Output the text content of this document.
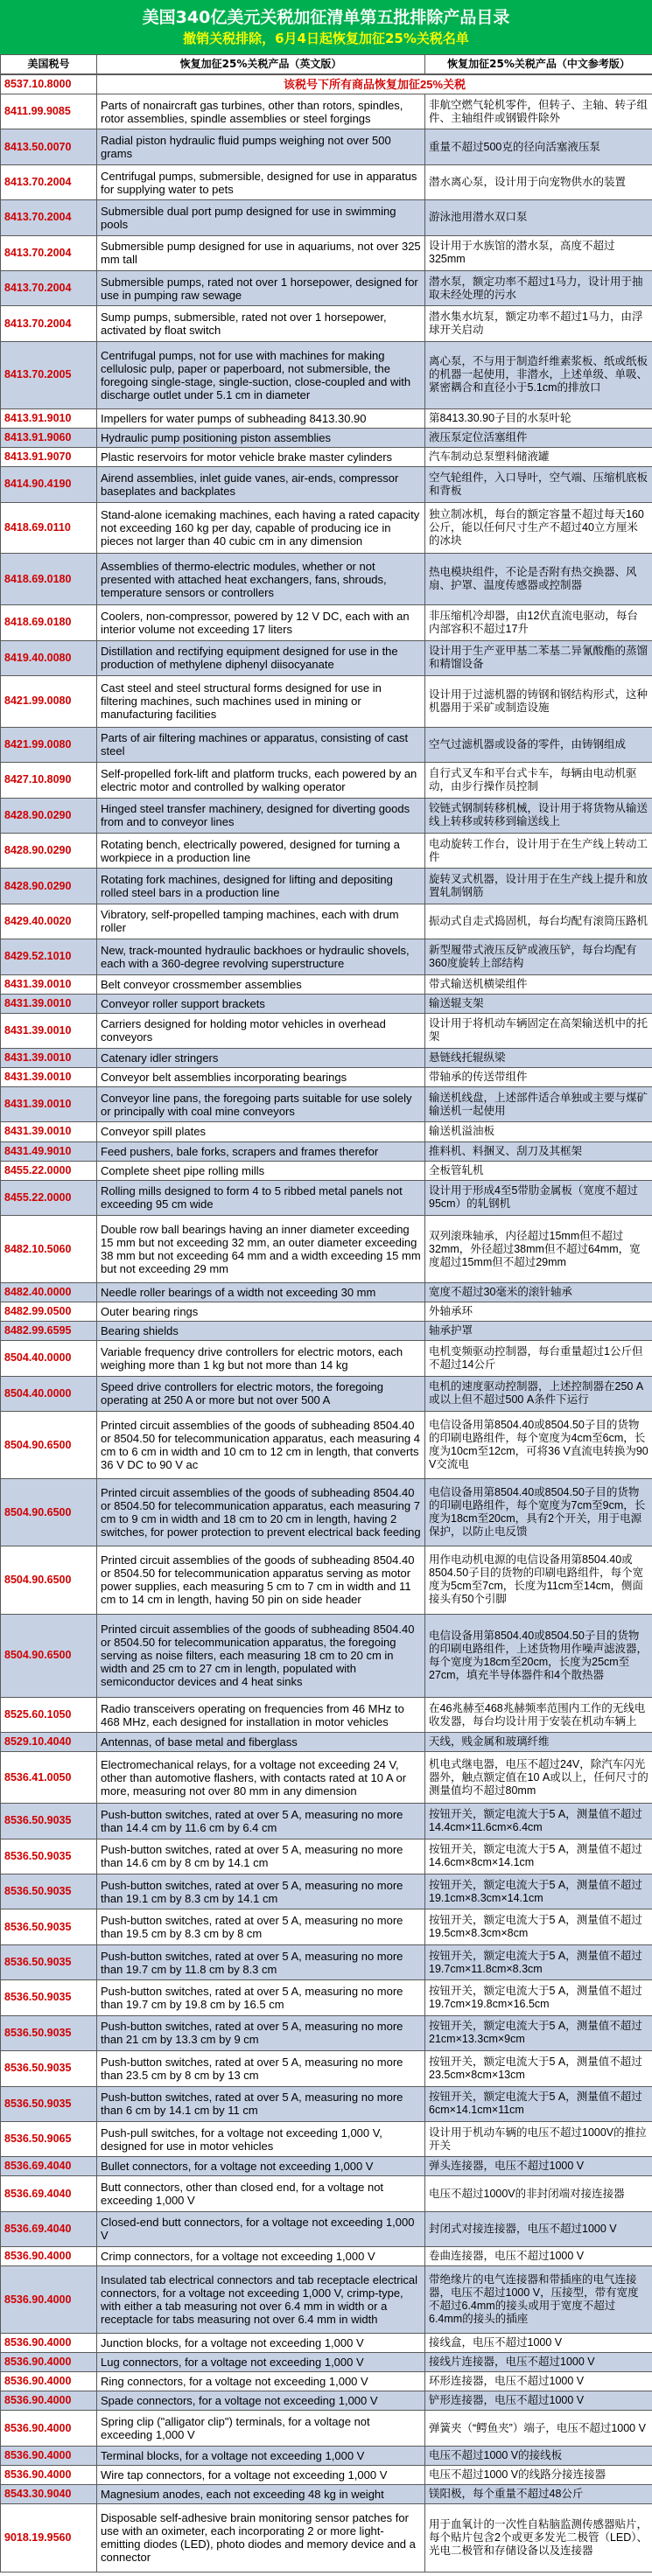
美国340亿美元关税加征清单第五批排除产品目录
撤销关税排除，6月4日起恢复加征25%关税名单
美国税号	恢复加征25%关税产品（英文版）	恢复加征25%关税产品（中文参考版）
8537.10.8000	该税号下所有商品恢复加征25%关税	
8411.99.9085	Parts of nonaircraft gas turbines, other than rotors, spindles, rotor assemblies, spindle assemblies or steel forgings	非航空燃气轮机零件，但转子、主轴、转子组件、主轴组件或钢锻件除外
8413.50.0070	Radial piston hydraulic fluid pumps weighing not over 500 grams	重量不超过500克的径向活塞液压泵
8413.70.2004	Centrifugal pumps, submersible, designed for use in apparatus for supplying water to pets	潜水离心泵，设计用于向宠物供水的装置
8413.70.2004	Submersible dual port pump designed for use in swimming pools	游泳池用潜水双口泵
8413.70.2004	Submersible pump designed for use in aquariums, not over 325 mm tall	设计用于水族馆的潜水泵，高度不超过325mm
8413.70.2004	Submersible pumps, rated not over 1 horsepower, designed for use in pumping raw sewage	潜水泵，额定功率不超过1马力，设计用于抽取未经处理的污水
8413.70.2004	Sump pumps, submersible, rated not over 1 horsepower, activated by float switch	潜水集水坑泵，额定功率不超过1马力，由浮球开关启动
8413.70.2005	Centrifugal pumps, not for use with machines for making cellulosic pulp, paper or paperboard, not submersible, the foregoing single-stage, single-suction, close-coupled and with discharge outlet under 5.1 cm in diameter	离心泵，不与用于制造纤维素浆板、纸或纸板的机器一起使用，非潜水，上述单级、单吸、紧密耦合和直径小于5.1cm的排放口
8413.91.9010	Impellers for water pumps of subheading 8413.30.90	第8413.30.90子目的水泵叶轮
8413.91.9060	Hydraulic pump positioning piston assemblies	液压泵定位活塞组件
8413.91.9070	Plastic reservoirs for motor vehicle brake master cylinders	汽车制动总泵塑料储液罐
8414.90.4190	Airend assemblies, inlet guide vanes, air-ends, compressor baseplates and backplates	空气轮组件，入口导叶，空气端、压缩机底板和背板
8418.69.0110	Stand-alone icemaking machines, each having a rated capacity not exceeding 160 kg per day, capable of producing ice in pieces not larger than 40 cubic cm in any dimension	独立制冰机，每台的额定容量不超过每天160公斤，能以任何尺寸生产不超过40立方厘米的冰块
8418.69.0180	Assemblies of thermo-electric modules, whether or not presented with attached heat exchangers, fans, shrouds, temperature sensors or controllers	热电模块组件，不论是否附有热交换器、风扇、护罩、温度传感器或控制器
8418.69.0180	Coolers, non-compressor, powered by 12 V DC, each with an interior volume not exceeding 17 liters	非压缩机冷却器，由12伏直流电驱动，每台内部容积不超过17升
8419.40.0080	Distillation and rectifying equipment designed for use in the production of methylene diphenyl diisocyanate	设计用于生产亚甲基二苯基二异氰酸酯的蒸馏和精馏设备
8421.99.0080	Cast steel and steel structural forms designed for use in filtering machines, such machines used in mining or manufacturing facilities	设计用于过滤机器的铸钢和钢结构形式，这种机器用于采矿或制造设施
8421.99.0080	Parts of air filtering machines or apparatus, consisting of cast steel	空气过滤机器或设备的零件，由铸钢组成
8427.10.8090	Self-propelled fork-lift and platform trucks, each powered by an electric motor and controlled by walking operator	自行式叉车和平台式卡车，每辆由电动机驱动，由步行操作员控制
8428.90.0290	Hinged steel transfer machinery, designed for diverting goods from and to conveyor lines	铰链式钢制转移机械，设计用于将货物从输送线上转移或转移到输送线上
8428.90.0290	Rotating bench, electrically powered, designed for turning a workpiece in a production line	电动旋转工作台，设计用于在生产线上转动工件
8428.90.0290	Rotating fork machines, designed for lifting and depositing rolled steel bars in a production line	旋转叉式机器，设计用于在生产线上提升和放置轧制钢筋
8429.40.0020	Vibratory, self-propelled tamping machines, each with drum roller	振动式自走式捣固机，每台均配有滚筒压路机
8429.52.1010	New, track-mounted hydraulic backhoes or hydraulic shovels, each with a 360-degree revolving superstructure	新型履带式液压反铲或液压铲，每台均配有360度旋转上部结构
8431.39.0010	Belt conveyor crossmember assemblies	带式输送机横梁组件
8431.39.0010	Conveyor roller support brackets	输送辊支架
8431.39.0010	Carriers designed for holding motor vehicles in overhead conveyors	设计用于将机动车辆固定在高架输送机中的托架
8431.39.0010	Catenary idler stringers	悬链线托辊纵梁
8431.39.0010	Conveyor belt assemblies incorporating bearings	带轴承的传送带组件
8431.39.0010	Conveyor line pans, the foregoing parts suitable for use solely or principally with coal mine conveyors	输送机线盘，上述部件适合单独或主要与煤矿输送机一起使用
8431.39.0010	Conveyor spill plates	输送机溢油板
8431.49.9010	Feed pushers, bale forks, scrapers and frames therefor	推料机、料捆叉、刮刀及其框架
8455.22.0000	Complete sheet pipe rolling mills	全板管轧机
8455.22.0000	Rolling mills designed to form 4 to 5 ribbed metal panels not exceeding 95 cm wide	设计用于形成4至5带肋金属板（宽度不超过95cm）的轧钢机
8482.10.5060	Double row ball bearings having an inner diameter exceeding 15 mm but not exceeding 32 mm, an outer diameter exceeding 38 mm but not exceeding 64 mm and a width exceeding 15 mm but not exceeding 29 mm	双列滚珠轴承，内径超过15mm但不超过32mm，外径超过38mm但不超过64mm，宽度超过15mm但不超过29mm
8482.40.0000	Needle roller bearings of a width not exceeding 30 mm	宽度不超过30毫米的滚针轴承
8482.99.0500	Outer bearing rings	外轴承环
8482.99.6595	Bearing shields	轴承护罩
8504.40.0000	Variable frequency drive controllers for electric motors, each weighing more than 1 kg but not more than 14 kg	电机变频驱动控制器，每台重量超过1公斤但不超过14公斤
8504.40.0000	Speed drive controllers for electric motors, the foregoing operating at 250 A or more but not over 500 A	电机的速度驱动控制器，上述控制器在250 A或以上但不超过500 A条件下运行
8504.90.6500	Printed circuit assemblies of the goods of subheading 8504.40 or 8504.50 for telecommunication apparatus, each measuring 4 cm to 6 cm in width and 10 cm to 12 cm in length, that converts 36 V DC to 90 V ac	电信设备用第8504.40或8504.50子目的货物的印刷电路组件，每个宽度为4cm至6cm，长度为10cm至12cm，可将36 V直流电转换为90 V交流电
8504.90.6500	Printed circuit assemblies of the goods of subheading 8504.40 or 8504.50 for telecommunication apparatus, each measuring 7 cm to 9 cm in width and 18 cm to 20 cm in length, having 2 switches, for power protection to prevent electrical back feeding	电信设备用第8504.40或8504.50子目的货物的印刷电路组件，每个宽度为7cm至9cm，长度为18cm至20cm，具有2个开关，用于电源保护，以防止电反馈
8504.90.6500	Printed circuit assemblies of the goods of subheading 8504.40 or 8504.50 for telecommunication apparatus serving as motor power supplies, each measuring 5 cm to 7 cm in width and 11 cm to 14 cm in length, having 50 pin on side header	用作电动机电源的电信设备用第8504.40或8504.50子目的货物的印刷电路组件，每个宽度为5cm至7cm，长度为11cm至14cm，侧面接头有50个引脚
8504.90.6500	Printed circuit assemblies of the goods of subheading 8504.40 or 8504.50 for telecommunication apparatus, the foregoing serving as noise filters, each measuring 18 cm to 20 cm in width and 25 cm to 27 cm in length, populated with semiconductor devices and 4 heat sinks	电信设备用第8504.40或8504.50子目的货物的印刷电路组件，上述货物用作噪声滤波器，每个宽度为18cm至20cm，长度为25cm至27cm，填充半导体器件和4个散热器
8525.60.1050	Radio transceivers operating on frequencies from 46 MHz to 468 MHz, each designed for installation in motor vehicles	在46兆赫至468兆赫频率范围内工作的无线电收发器，每台均设计用于安装在机动车辆上
8529.10.4040	Antennas, of base metal and fiberglass	天线，贱金属和玻璃纤维
8536.41.0050	Electromechanical relays, for a voltage not exceeding 24 V, other than automotive flashers, with contacts rated at 10 A or more, measuring not over 80 mm in any dimension	机电式继电器，电压不超过24V，除汽车闪光器外，触点额定值在10 A或以上，任何尺寸的测量值均不超过80mm
8536.50.9035	Push-button switches, rated at over 5 A, measuring no more than 14.4 cm by 11.6 cm by 6.4 cm	按钮开关，额定电流大于5 A，测量值不超过14.4cm×11.6cm×6.4cm
8536.50.9035	Push-button switches, rated at over 5 A, measuring no more than 14.6 cm by 8 cm by 14.1 cm	按钮开关，额定电流大于5 A，测量值不超过14.6cm×8cm×14.1cm
8536.50.9035	Push-button switches, rated at over 5 A, measuring no more than 19.1 cm by 8.3 cm by 14.1 cm	按钮开关，额定电流大于5 A，测量值不超过19.1cm×8.3cm×14.1cm
8536.50.9035	Push-button switches, rated at over 5 A, measuring no more than 19.5 cm by 8.3 cm by 8 cm	按钮开关，额定电流大于5 A，测量值不超过19.5cm×8.3cm×8cm
8536.50.9035	Push-button switches, rated at over 5 A, measuring no more than 19.7 cm by 11.8 cm by 8.3 cm	按钮开关，额定电流大于5 A，测量值不超过19.7cm×11.8cm×8.3cm
8536.50.9035	Push-button switches, rated at over 5 A, measuring no more than 19.7 cm by 19.8 cm by 16.5 cm	按钮开关，额定电流大于5 A，测量值不超过19.7cm×19.8cm×16.5cm
8536.50.9035	Push-button switches, rated at over 5 A, measuring no more than 21 cm by 13.3 cm by 9 cm	按钮开关，额定电流大于5 A，测量值不超过21cm×13.3cm×9cm
8536.50.9035	Push-button switches, rated at over 5 A, measuring no more than 23.5 cm by 8 cm by 13 cm	按钮开关，额定电流大于5 A，测量值不超过23.5cm×8cm×13cm
8536.50.9035	Push-button switches, rated at over 5 A, measuring no more than 6 cm by 14.1 cm by 11 cm	按钮开关，额定电流大于5 A，测量值不超过6cm×14.1cm×11cm
8536.50.9065	Push-pull switches, for a voltage not exceeding 1,000 V, designed for use in motor vehicles	设计用于机动车辆的电压不超过1000V的推拉开关
8536.69.4040	Bullet connectors, for a voltage not exceeding 1,000 V	弹头连接器，电压不超过1000 V
8536.69.4040	Butt connectors, other than closed end, for a voltage not exceeding 1,000 V	电压不超过1000V的非封闭端对接连接器
8536.69.4040	Closed-end butt connectors, for a voltage not exceeding 1,000 V	封闭式对接连接器，电压不超过1000 V
8536.90.4000	Crimp connectors, for a voltage not exceeding 1,000 V	卷曲连接器，电压不超过1000 V
8536.90.4000	Insulated tab electrical connectors and tab receptacle electrical connectors, for a voltage not exceeding 1,000 V, crimp-type, with either a tab measuring not over 6.4 mm in width or a receptacle for tabs measuring not over 6.4 mm in width	带绝缘片的电气连接器和带插座的电气连接器，电压不超过1000 V，压接型，带有宽度不超过6.4mm的接头或用于宽度不超过6.4mm的接头的插座
8536.90.4000	Junction blocks, for a voltage not exceeding 1,000 V	接线盒，电压不超过1000 V
8536.90.4000	Lug connectors, for a voltage not exceeding 1,000 V	接线片连接器，电压不超过1000 V
8536.90.4000	Ring connectors, for a voltage not exceeding 1,000 V	环形连接器，电压不超过1000 V
8536.90.4000	Spade connectors, for a voltage not exceeding 1,000 V	铲形连接器，电压不超过1000 V
8536.90.4000	Spring clip ("alligator clip") terminals, for a voltage not exceeding 1,000 V	弹簧夹（“鳄鱼夹”）端子，电压不超过1000 V
8536.90.4000	Terminal blocks, for a voltage not exceeding 1,000 V	电压不超过1000 V的接线板
8536.90.4000	Wire tap connectors, for a voltage not exceeding 1,000 V	电压不超过1000 V的线路分接连接器
8543.30.9040	Magnesium anodes, each not exceeding 48 kg in weight	镁阳极，每个重量不超过48公斤
9018.19.9560	Disposable self-adhesive brain monitoring sensor patches for use with an oximeter, each incorporating 2 or more light-emitting diodes (LED), photo diodes and memory device and a connector	用于血氧计的一次性自粘脑监测传感器贴片，每个贴片包含2个或更多发光二极管（LED）、光电二极管和存储设备以及连接器
